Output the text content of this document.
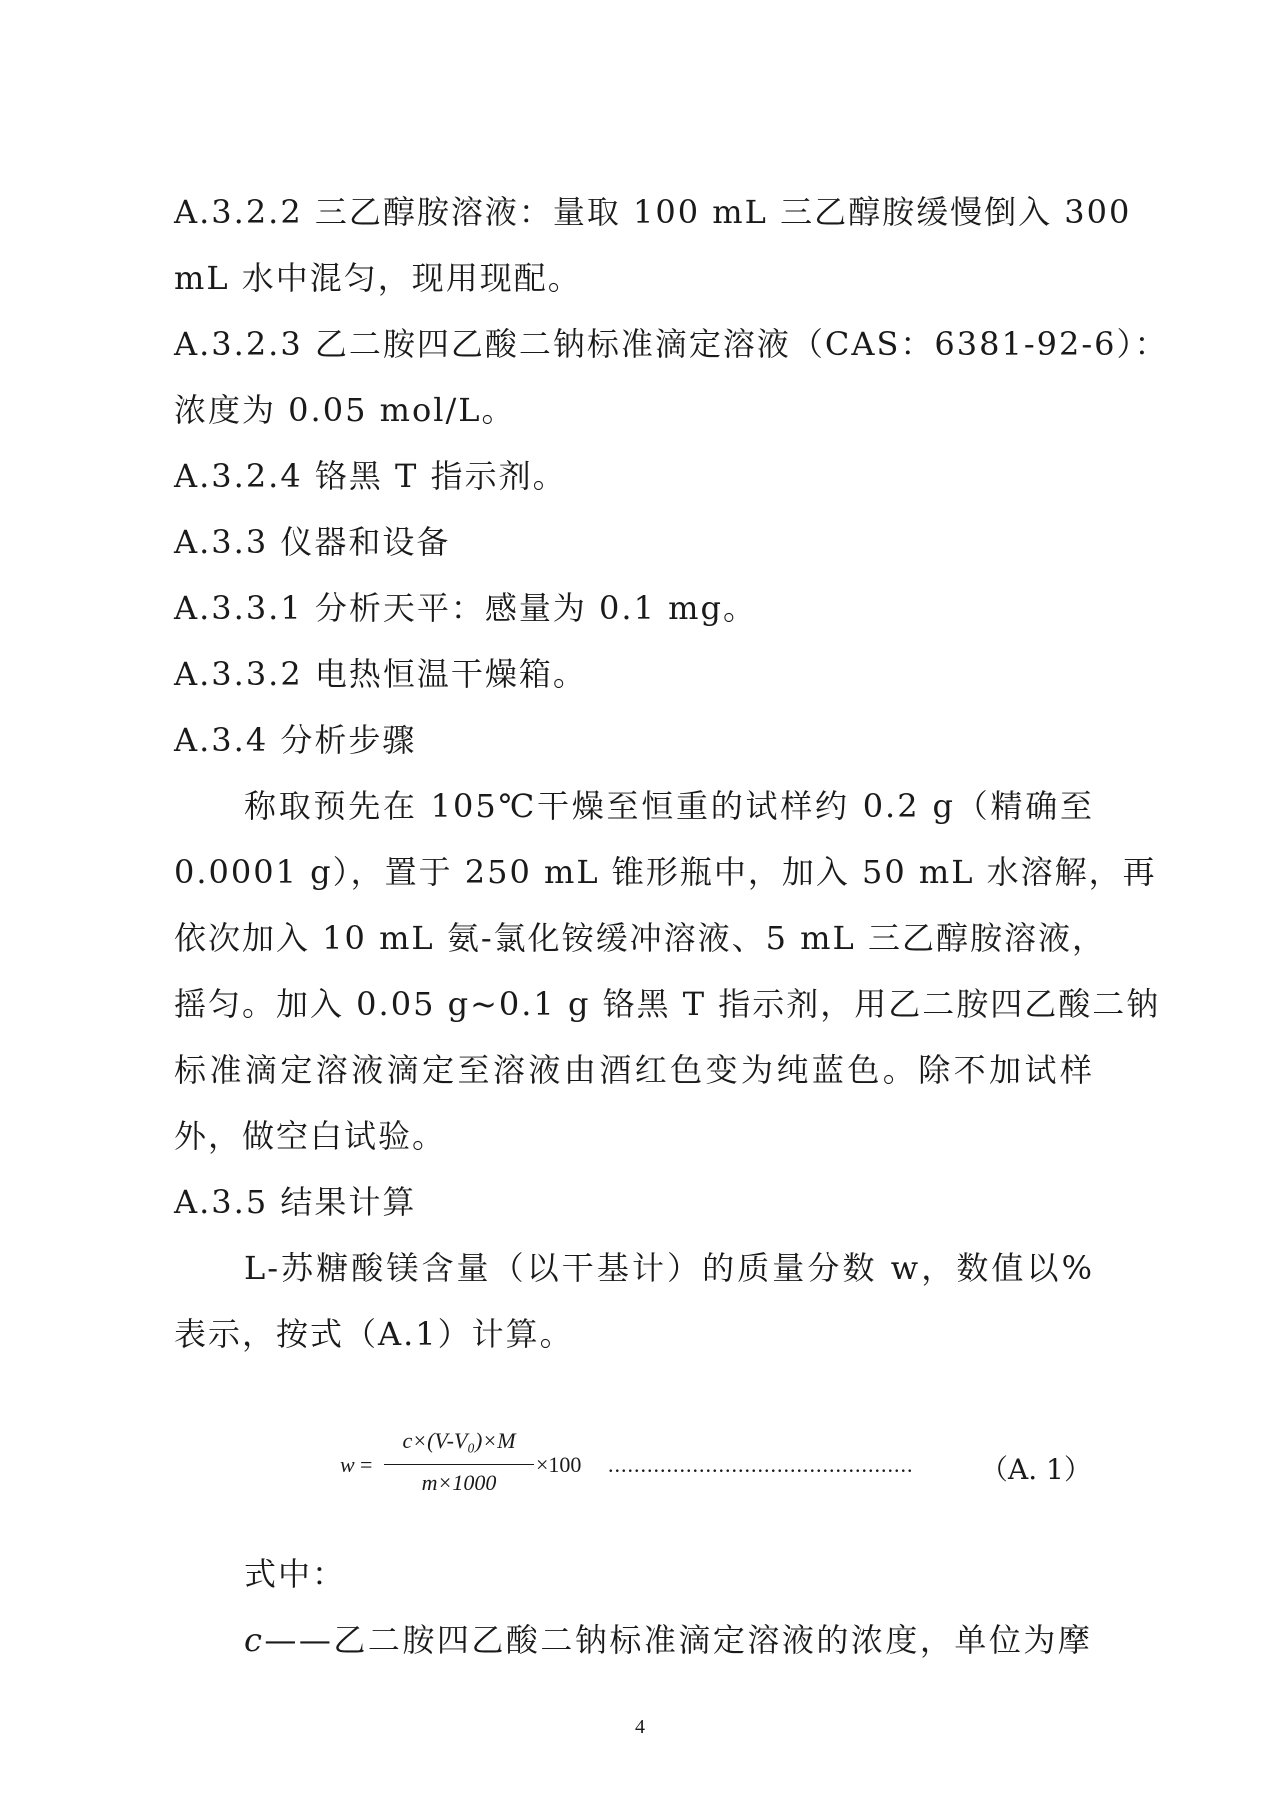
A.3.2.2 三乙醇胺溶液：量取 100 mL 三乙醇胺缓慢倒入 300
mL 水中混匀，现用现配。
A.3.2.3 乙二胺四乙酸二钠标准滴定溶液（CAS：6381-92-6）：
浓度为 0.05 mol/L。
A.3.2.4 铬黑 T 指示剂。
A.3.3 仪器和设备
A.3.3.1 分析天平：感量为 0.1 mg。
A.3.3.2 电热恒温干燥箱。
A.3.4 分析步骤
称取预先在 105℃干燥至恒重的试样约 0.2 g（精确至
0.0001 g），置于 250 mL 锥形瓶中，加入 50 mL 水溶解，再
依次加入 10 mL 氨-氯化铵缓冲溶液、5 mL 三乙醇胺溶液，
摇匀。加入 0.05 g~0.1 g 铬黑 T 指示剂，用乙二胺四乙酸二钠
标准滴定溶液滴定至溶液由酒红色变为纯蓝色。除不加试样
外，做空白试验。
A.3.5 结果计算
L-苏糖酸镁含量（以干基计）的质量分数 w，数值以%
表示，按式（A.1）计算。
w =
c×(V-V₀)×M
m×1000
×100 ............................................... （A. 1）
式中：
c——乙二胺四乙酸二钠标准滴定溶液的浓度，单位为摩
4
